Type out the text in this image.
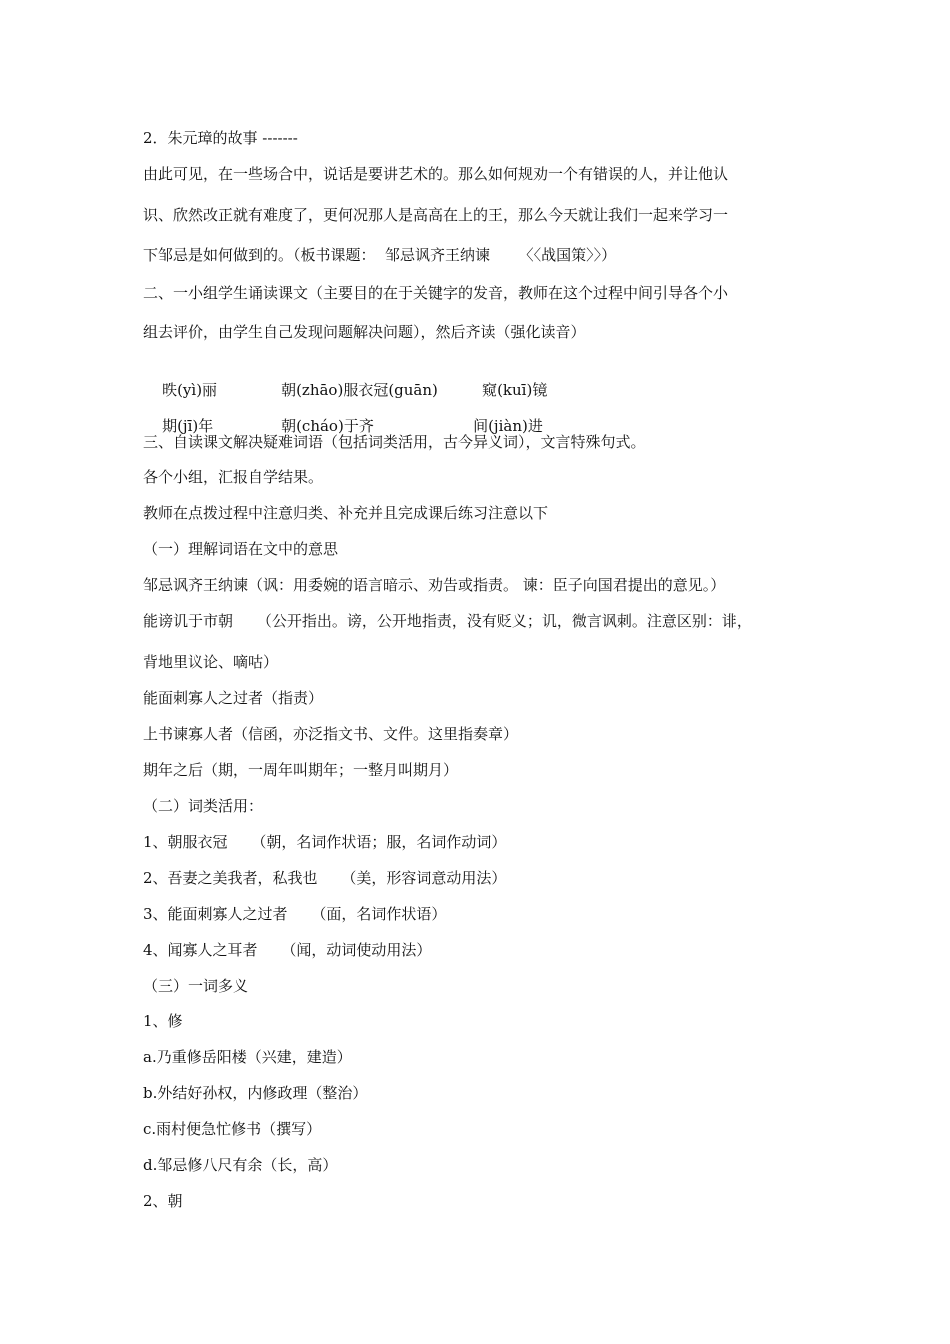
2．朱元璋的故事 -------

由此可见，在一些场合中，说话是要讲艺术的。那么如何规劝一个有错误的人，并让他认

识、欣然改正就有难度了，更何况那人是高高在上的王，那么今天就让我们一起来学习一

下邹忌是如何做到的。（板书课题：  邹忌讽齐王纳谏      〈〈战国策〉〉）

二、一小组学生诵读课文（主要目的在于关键字的发音，教师在这个过程中间引导各个小

组去评价，由学生自己发现问题解决问题），然后齐读（强化读音）

昳(yì)丽
	朝(zhāo)服衣冠(guān)
	窥(kuī)镜

期(jī)年
	朝(cháo)于齐
	间(jiàn)进

三、自读课文解决疑难词语（包括词类活用，古今异义词），文言特殊句式。

各个小组，汇报自学结果。

教师在点拨过程中注意归类、补充并且完成课后练习注意以下

（一）理解词语在文中的意思

邹忌讽齐王纳谏（讽：用委婉的语言暗示、劝告或指责。 谏：臣子向国君提出的意见。）

能谤讥于市朝     （公开指出。谤，公开地指责，没有贬义；讥，微言讽刺。注意区别：诽，

背地里议论、嘀咕）

能面刺寡人之过者（指责）

上书谏寡人者（信函，亦泛指文书、文件。这里指奏章）

期年之后（期，一周年叫期年；一整月叫期月）

（二）词类活用：

1、朝服衣冠     （朝，名词作状语；服，名词作动词）

2、吾妻之美我者，私我也     （美，形容词意动用法）

3、能面刺寡人之过者     （面，名词作状语）

4、闻寡人之耳者     （闻，动词使动用法）

（三）一词多义

1、修

a.乃重修岳阳楼（兴建，建造）

b.外结好孙权，内修政理（整治）

c.雨村便急忙修书（撰写）

d.邹忌修八尺有余（长，高）

2、朝
